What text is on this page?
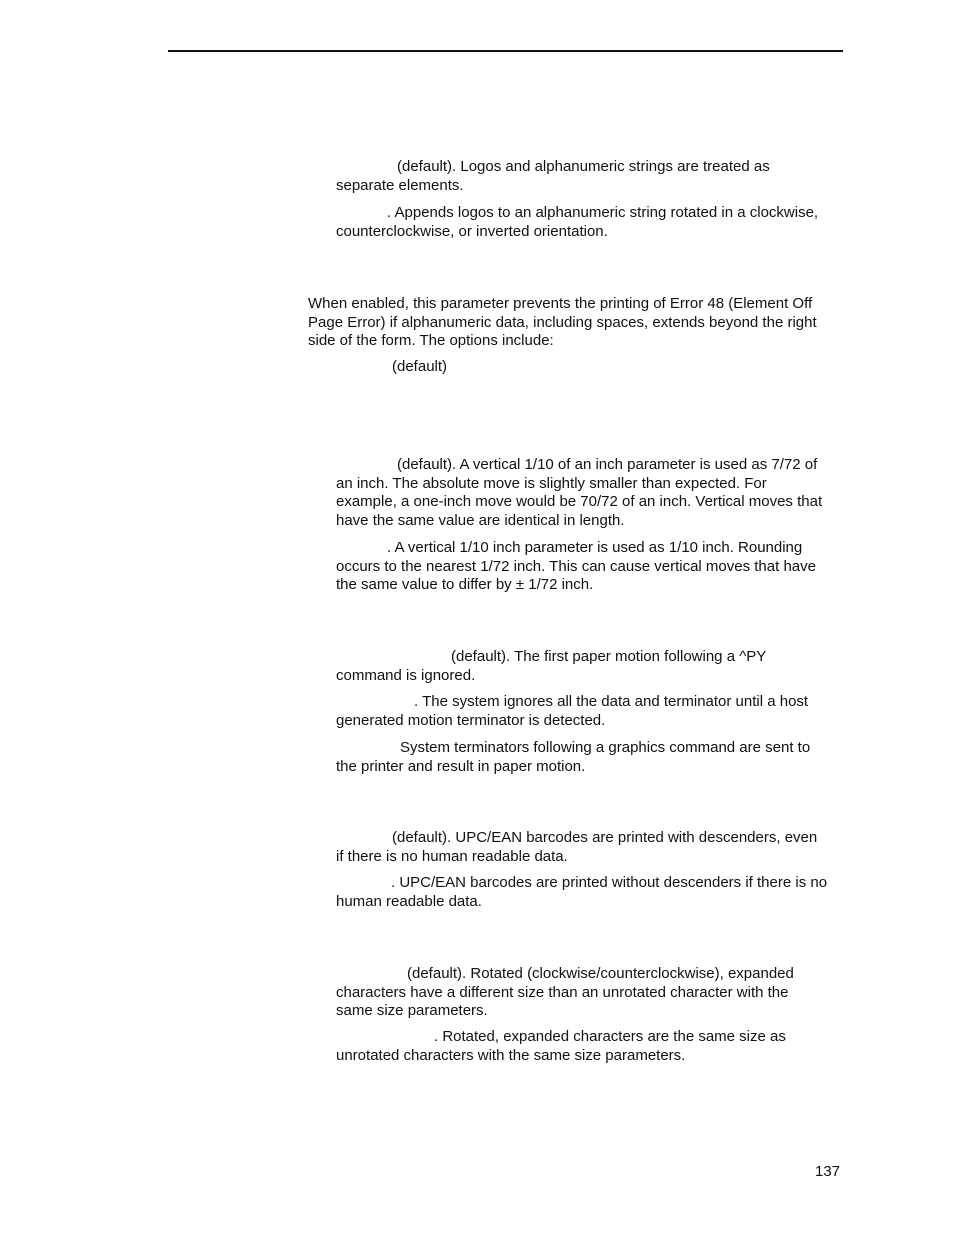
(default). Logos and alphanumeric strings are treated as
separate elements.

. Appends logos to an alphanumeric string rotated in a clockwise,
counterclockwise, or inverted orientation.

When enabled, this parameter prevents the printing of Error 48 (Element Off
Page Error) if alphanumeric data, including spaces, extends beyond the right
side of the form. The options include:

(default)

(default). A vertical 1/10 of an inch parameter is used as 7/72 of
an inch. The absolute move is slightly smaller than expected. For
example, a one-inch move would be 70/72 of an inch. Vertical moves that
have the same value are identical in length.

. A vertical 1/10 inch parameter is used as 1/10 inch. Rounding
occurs to the nearest 1/72 inch. This can cause vertical moves that have
the same value to differ by ± 1/72 inch.

(default). The first paper motion following a ^PY
command is ignored.

. The system ignores all the data and terminator until a host
generated motion terminator is detected.

System terminators following a graphics command are sent to
the printer and result in paper motion.

(default). UPC/EAN barcodes are printed with descenders, even
if there is no human readable data.

. UPC/EAN barcodes are printed without descenders if there is no
human readable data.

(default). Rotated (clockwise/counterclockwise), expanded
characters have a different size than an unrotated character with the
same size parameters.

. Rotated, expanded characters are the same size as
unrotated characters with the same size parameters.

137
